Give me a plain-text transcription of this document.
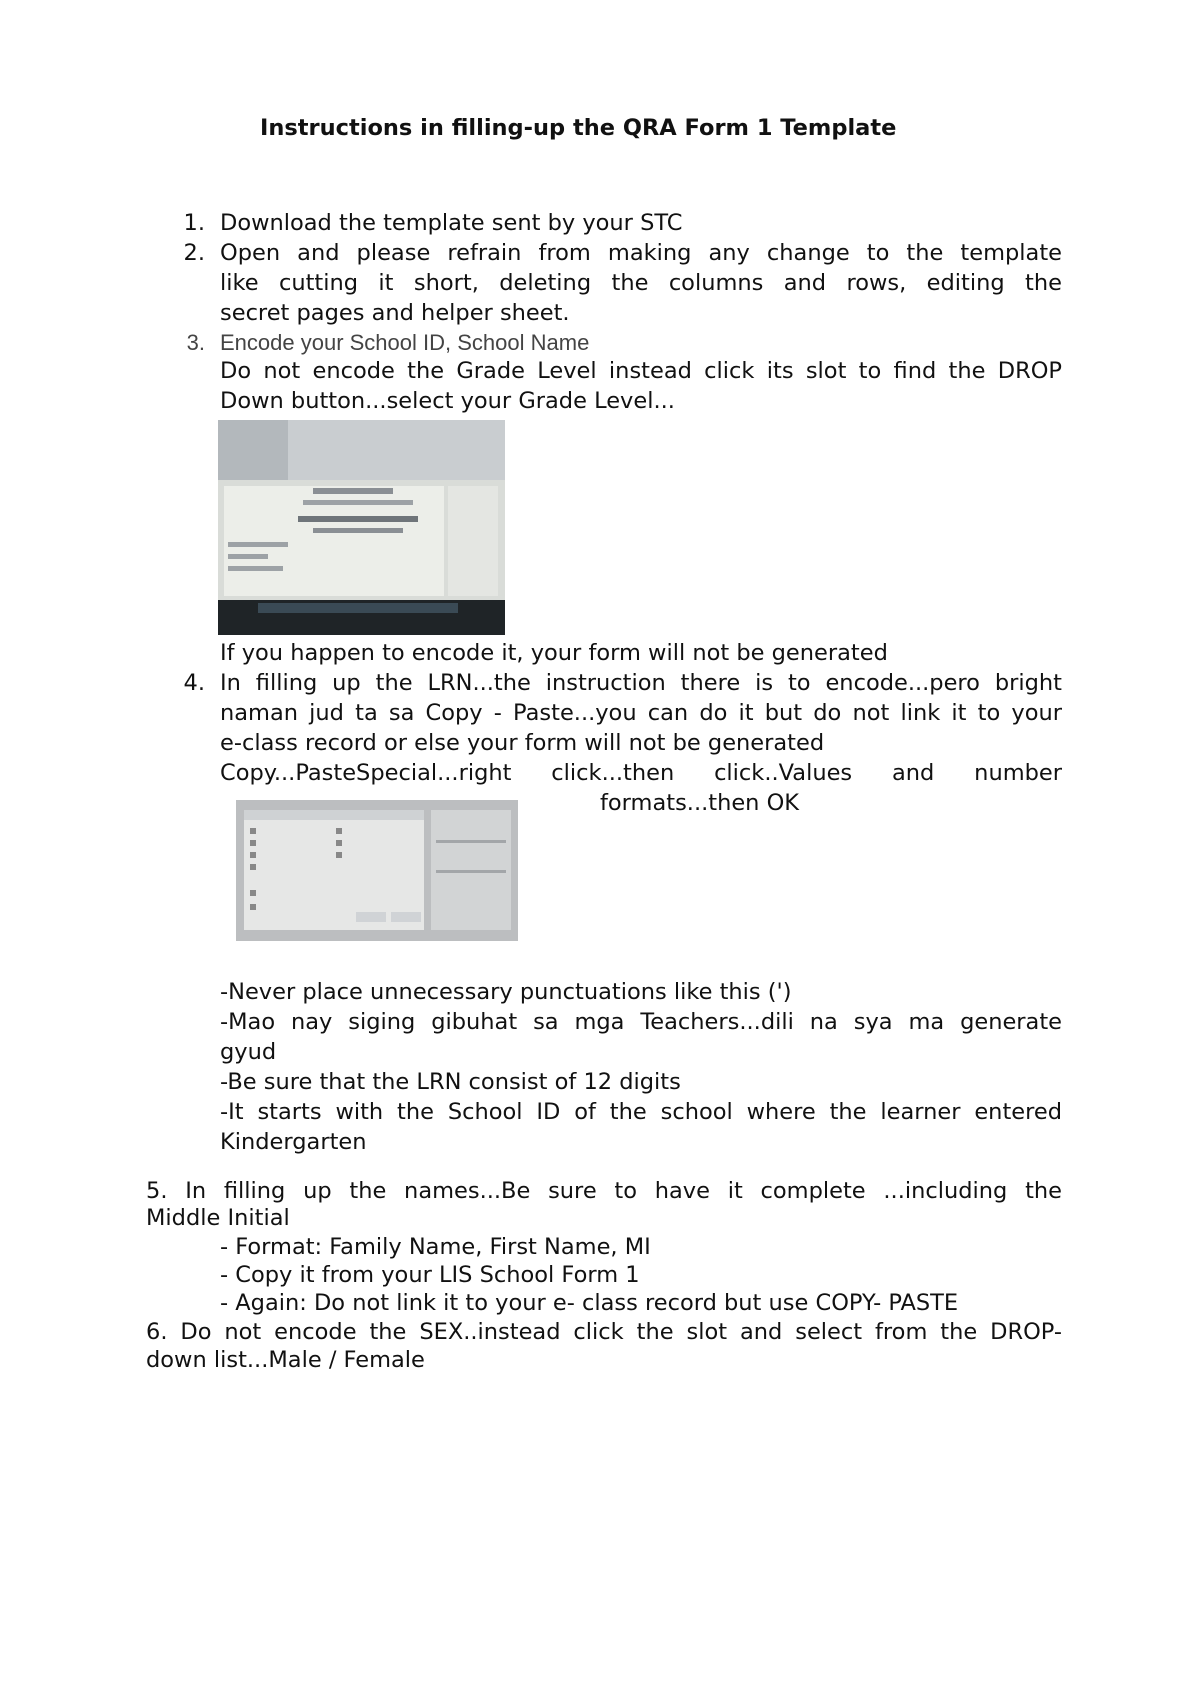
Instructions in filling-up the QRA Form 1 Template

1. Download the template sent by your STC

2. Open and please refrain from making any change to the template

like cutting it short, deleting the columns and rows, editing the

secret pages and helper sheet.

3. Encode your School ID, School Name

Do not encode the Grade Level instead click its slot to find the DROP

Down button...select your Grade Level...

If you happen to encode it, your form will not be generated

4. In filling up the LRN...the instruction there is to encode...pero bright

naman jud ta sa Copy - Paste...you can do it but do not link it to your

e-class record or else your form will not be generated

Copy...PasteSpecial...right click...then click..Values and number

formats...then OK

-Never place unnecessary punctuations like this (')

-Mao nay siging gibuhat sa mga Teachers...dili na sya ma generate

gyud

-Be sure that the LRN consist of 12 digits

-It starts with the School ID of the school where the learner entered

Kindergarten

5. In filling up the names...Be sure to have it complete ...including the

Middle Initial

- Format: Family Name, First Name, MI

- Copy it from your LIS School Form 1

- Again: Do not link it to your e- class record but use COPY- PASTE

6. Do not encode the SEX..instead click the slot and select from the DROP-

down list...Male / Female
